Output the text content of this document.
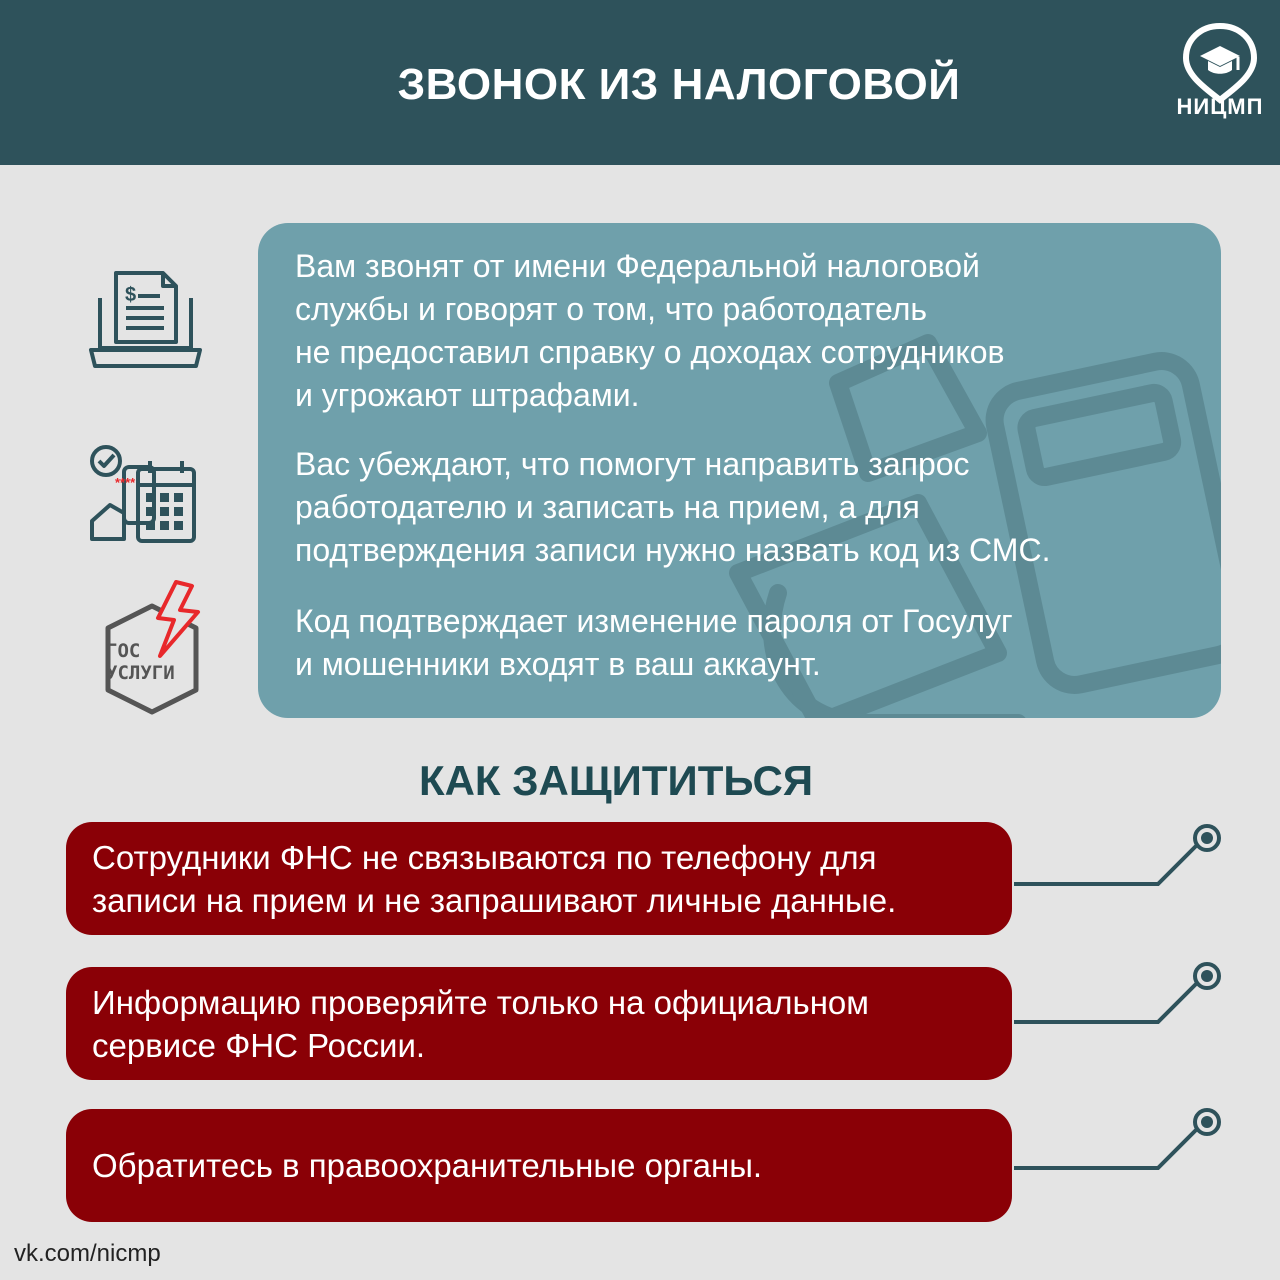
ЗВОНОК ИЗ НАЛОГОВОЙ	НИЦМП
$
****
ГОС
УСЛУГИ
Вам звонят от имени Федеральной налоговой
службы и говорят о том, что работодатель
не предоставил справку о доходах сотрудников
и угрожают штрафами.
Вас убеждают, что помогут направить запрос
работодателю и записать на прием, а для
подтверждения записи нужно назвать код из СМС.
Код подтверждает изменение пароля от Госулуг
и мошенники входят в ваш аккаунт.
КАК ЗАЩИТИТЬСЯ
Сотрудники ФНС не связываются по телефону для
записи на прием и не запрашивают личные данные.
Информацию проверяйте только на официальном
сервисе ФНС России.
Обратитесь в правоохранительные органы.
vk.com/nicmp
